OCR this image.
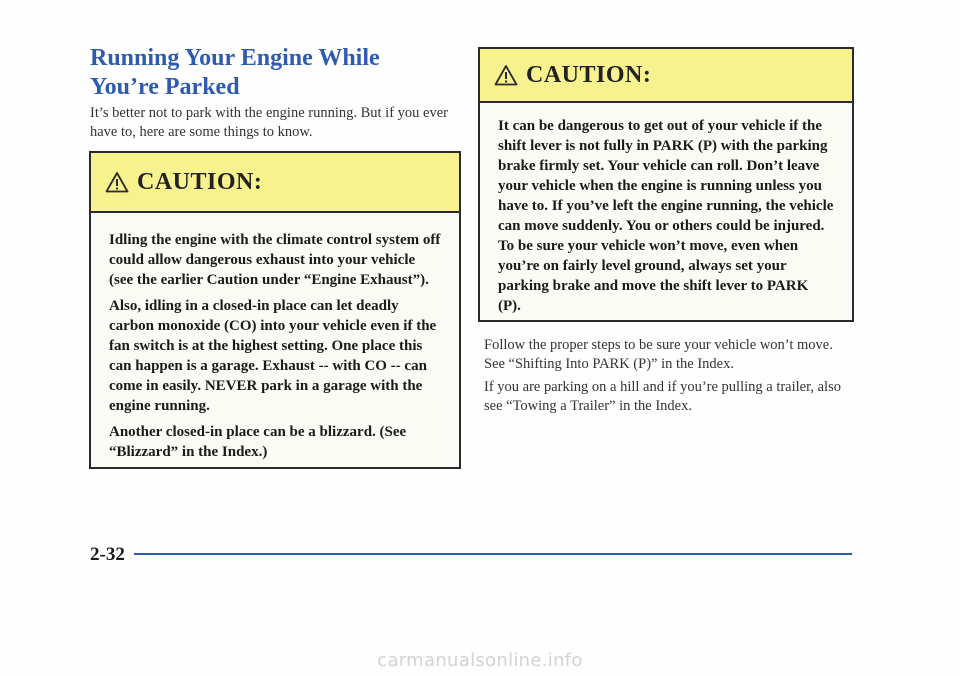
Running Your Engine While
You’re Parked

It’s better not to park with the engine running. But if you ever have to, here are some things to know.

CAUTION:

Idling the engine with the climate control system off could allow dangerous exhaust into your vehicle (see the earlier Caution under “Engine Exhaust”).

Also, idling in a closed-in place can let deadly carbon monoxide (CO) into your vehicle even if the fan switch is at the highest setting. One place this can happen is a garage. Exhaust -- with CO -- can come in easily. NEVER park in a garage with the engine running.

Another closed-in place can be a blizzard. (See “Blizzard” in the Index.)

CAUTION:

It can be dangerous to get out of your vehicle if the shift lever is not fully in PARK (P) with the parking brake firmly set. Your vehicle can roll. Don’t leave your vehicle when the engine is running unless you have to. If you’ve left the engine running, the vehicle can move suddenly. You or others could be injured. To be sure your vehicle won’t move, even when you’re on fairly level ground, always set your parking brake and move the shift lever to PARK (P).

Follow the proper steps to be sure your vehicle won’t move. See “Shifting Into PARK (P)” in the Index.

If you are parking on a hill and if you’re pulling a trailer, also see “Towing a Trailer” in the Index.

2-32
carmanualsonline.info
